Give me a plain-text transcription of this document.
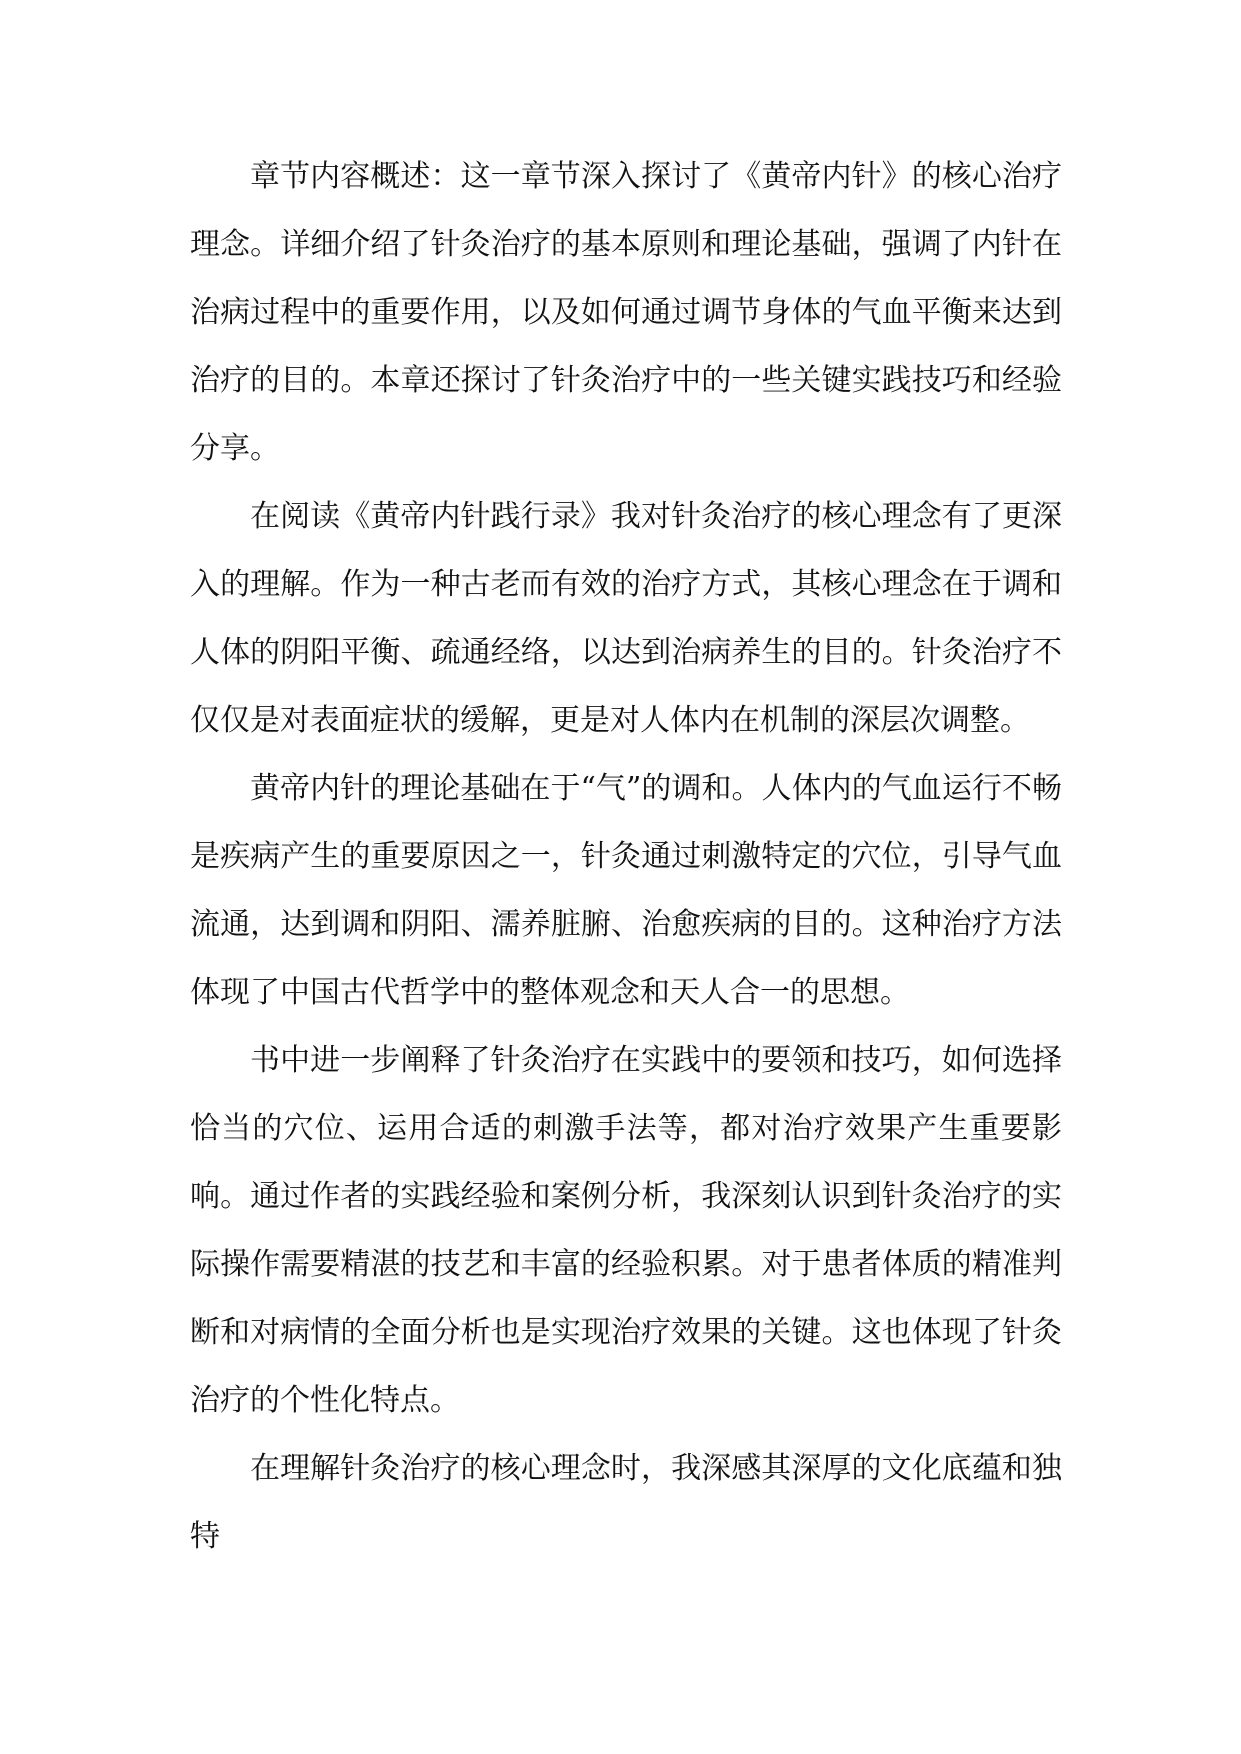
章节内容概述：这一章节深入探讨了《黄帝内针》的核心治疗理念。详细介绍了针灸治疗的基本原则和理论基础，强调了内针在治病过程中的重要作用，以及如何通过调节身体的气血平衡来达到治疗的目的。本章还探讨了针灸治疗中的一些关键实践技巧和经验分享。

在阅读《黄帝内针践行录》我对针灸治疗的核心理念有了更深入的理解。作为一种古老而有效的治疗方式，其核心理念在于调和人体的阴阳平衡、疏通经络，以达到治病养生的目的。针灸治疗不仅仅是对表面症状的缓解，更是对人体内在机制的深层次调整。

黄帝内针的理论基础在于“气”的调和。人体内的气血运行不畅是疾病产生的重要原因之一，针灸通过刺激特定的穴位，引导气血流通，达到调和阴阳、濡养脏腑、治愈疾病的目的。这种治疗方法体现了中国古代哲学中的整体观念和天人合一的思想。

书中进一步阐释了针灸治疗在实践中的要领和技巧，如何选择恰当的穴位、运用合适的刺激手法等，都对治疗效果产生重要影响。通过作者的实践经验和案例分析，我深刻认识到针灸治疗的实际操作需要精湛的技艺和丰富的经验积累。对于患者体质的精准判断和对病情的全面分析也是实现治疗效果的关键。这也体现了针灸治疗的个性化特点。

在理解针灸治疗的核心理念时，我深感其深厚的文化底蕴和独特
